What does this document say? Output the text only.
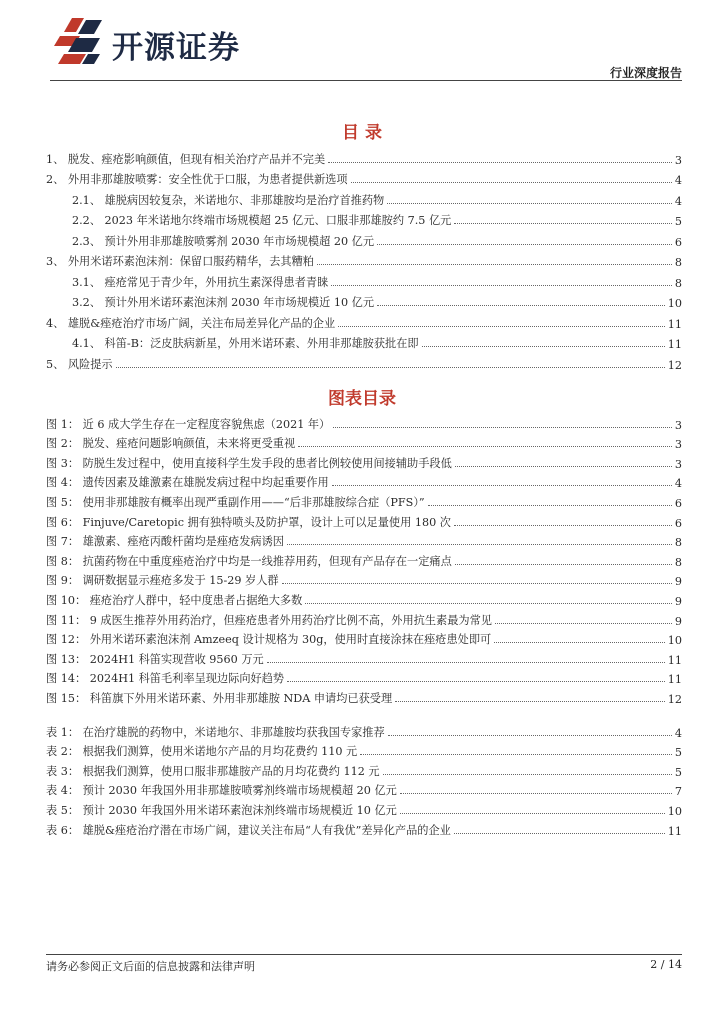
开源证券
行业深度报告
目 录
1、 脱发、痤疮影响颜值，但现有相关治疗产品并不完美	3
2、 外用非那雄胺喷雾：安全性优于口服，为患者提供新选项	4
2.1、 雄脱病因较复杂，米诺地尔、非那雄胺均是治疗首推药物	4
2.2、 2023 年米诺地尔终端市场规模超 25 亿元、口服非那雄胺约 7.5 亿元	5
2.3、 预计外用非那雄胺喷雾剂 2030 年市场规模超 20 亿元	6
3、 外用米诺环素泡沫剂：保留口服药精华，去其糟粕	8
3.1、 痤疮常见于青少年，外用抗生素深得患者青睐	8
3.2、 预计外用米诺环素泡沫剂 2030 年市场规模近 10 亿元	10
4、 雄脱&痤疮治疗市场广阔，关注布局差异化产品的企业	11
4.1、 科笛-B：泛皮肤病新星，外用米诺环素、外用非那雄胺获批在即	11
5、 风险提示	12
图表目录
图 1： 近 6 成大学生存在一定程度容貌焦虑（2021 年）	3
图 2： 脱发、痤疮问题影响颜值，未来将更受重视	3
图 3： 防脱生发过程中，使用直接科学生发手段的患者比例较使用间接辅助手段低	3
图 4： 遗传因素及雄激素在雄脱发病过程中均起重要作用	4
图 5： 使用非那雄胺有概率出现严重副作用——“后非那雄胺综合症（PFS）”	6
图 6： Finjuve/Caretopic 拥有独特喷头及防护罩，设计上可以足量使用 180 次	6
图 7： 雄激素、痤疮丙酸杆菌均是痤疮发病诱因	8
图 8： 抗菌药物在中重度痤疮治疗中均是一线推荐用药，但现有产品存在一定痛点	8
图 9： 调研数据显示痤疮多发于 15-29 岁人群	9
图 10： 痤疮治疗人群中，轻中度患者占据绝大多数	9
图 11： 9 成医生推荐外用药治疗，但痤疮患者外用药治疗比例不高，外用抗生素最为常见	9
图 12： 外用米诺环素泡沫剂 Amzeeq 设计规格为 30g，使用时直接涂抹在痤疮患处即可	10
图 13： 2024H1 科笛实现营收 9560 万元	11
图 14： 2024H1 科笛毛利率呈现边际向好趋势	11
图 15： 科笛旗下外用米诺环素、外用非那雄胺 NDA 申请均已获受理	12
表 1： 在治疗雄脱的药物中，米诺地尔、非那雄胺均获我国专家推荐	4
表 2： 根据我们测算，使用米诺地尔产品的月均花费约 110 元	5
表 3： 根据我们测算，使用口服非那雄胺产品的月均花费约 112 元	5
表 4： 预计 2030 年我国外用非那雄胺喷雾剂终端市场规模超 20 亿元	7
表 5： 预计 2030 年我国外用米诺环素泡沫剂终端市场规模近 10 亿元	10
表 6： 雄脱&痤疮治疗潜在市场广阔，建议关注布局“人有我优”差异化产品的企业	11
请务必参阅正文后面的信息披露和法律声明	2 / 14
